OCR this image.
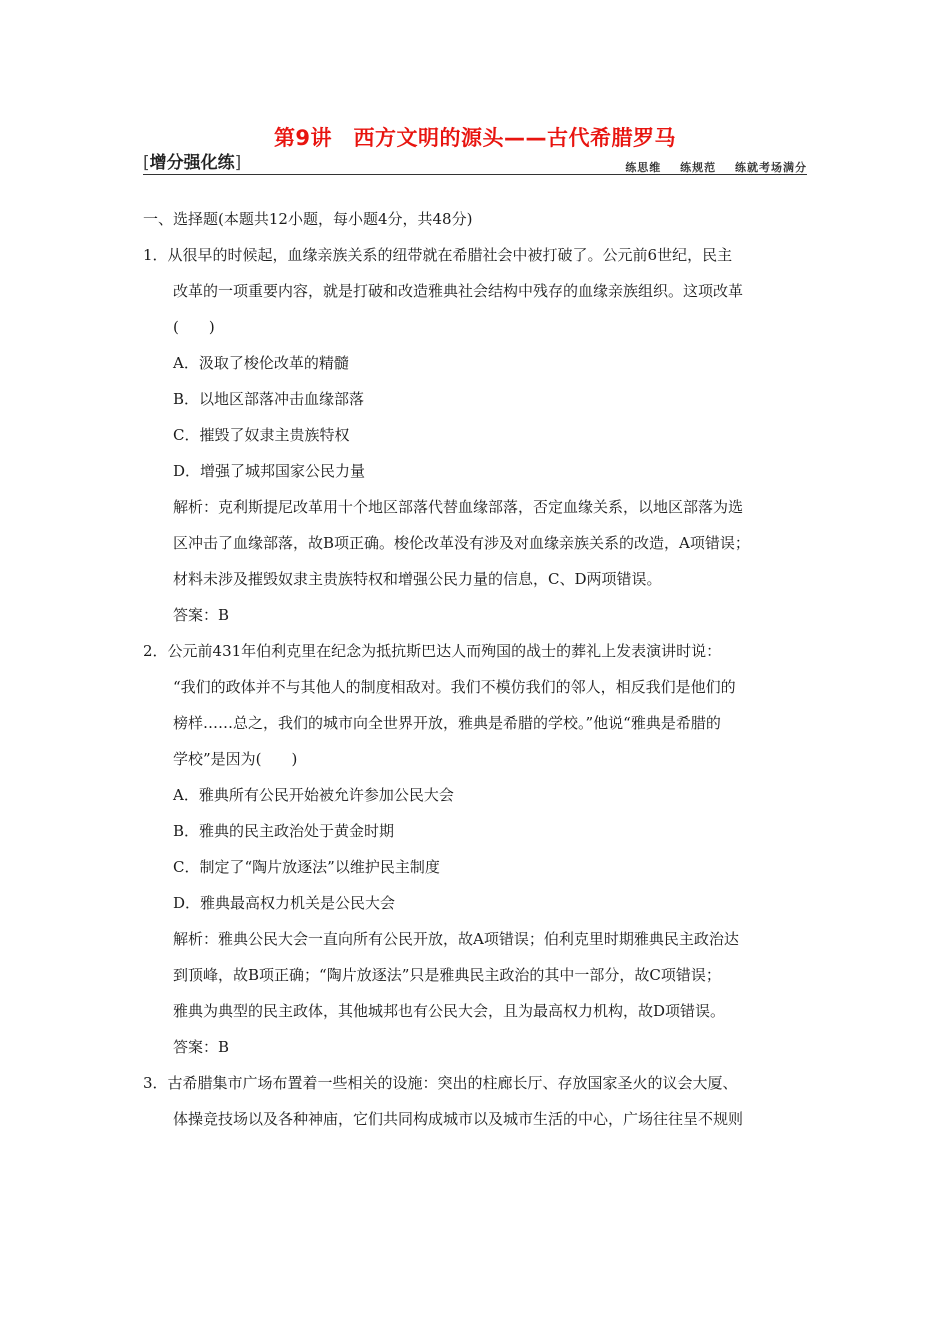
第9讲　西方文明的源头——古代希腊罗马
[增分强化练]	练思维 练规范 练就考场满分
一、选择题(本题共12小题，每小题4分，共48分)
1．从很早的时候起，血缘亲族关系的纽带就在希腊社会中被打破了。公元前6世纪，民主
改革的一项重要内容，就是打破和改造雅典社会结构中残存的血缘亲族组织。这项改革
(　　)
A．汲取了梭伦改革的精髓
B．以地区部落冲击血缘部落
C．摧毁了奴隶主贵族特权
D．增强了城邦国家公民力量
解析：克利斯提尼改革用十个地区部落代替血缘部落，否定血缘关系，以地区部落为选
区冲击了血缘部落，故B项正确。梭伦改革没有涉及对血缘亲族关系的改造，A项错误；
材料未涉及摧毁奴隶主贵族特权和增强公民力量的信息，C、D两项错误。
答案：B
2．公元前431年伯利克里在纪念为抵抗斯巴达人而殉国的战士的葬礼上发表演讲时说：
“我们的政体并不与其他人的制度相敌对。我们不模仿我们的邻人，相反我们是他们的
榜样……总之，我们的城市向全世界开放，雅典是希腊的学校。”他说“雅典是希腊的
学校”是因为(　　)
A．雅典所有公民开始被允许参加公民大会
B．雅典的民主政治处于黄金时期
C．制定了“陶片放逐法”以维护民主制度
D．雅典最高权力机关是公民大会
解析：雅典公民大会一直向所有公民开放，故A项错误；伯利克里时期雅典民主政治达
到顶峰，故B项正确；“陶片放逐法”只是雅典民主政治的其中一部分，故C项错误；
雅典为典型的民主政体，其他城邦也有公民大会，且为最高权力机构，故D项错误。
答案：B
3．古希腊集市广场布置着一些相关的设施：突出的柱廊长厅、存放国家圣火的议会大厦、
体操竞技场以及各种神庙，它们共同构成城市以及城市生活的中心，广场往往呈不规则
